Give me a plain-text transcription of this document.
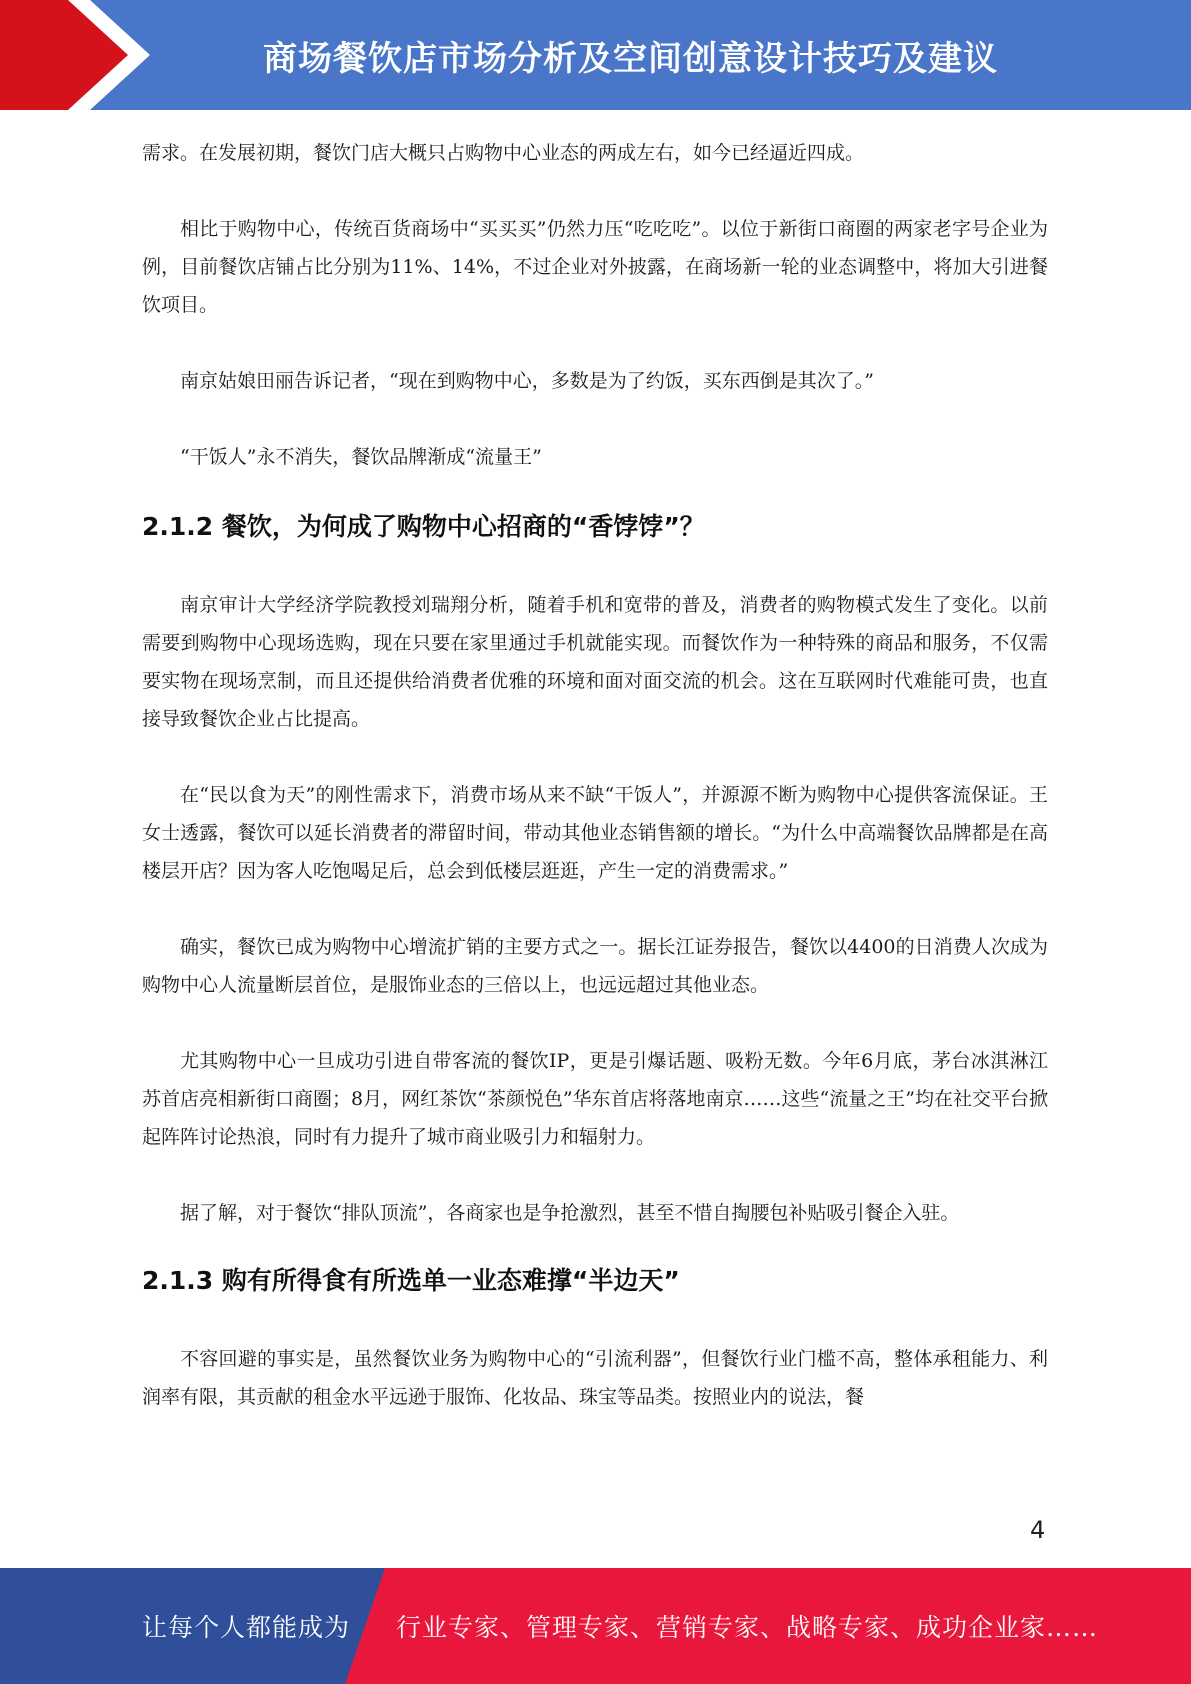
商场餐饮店市场分析及空间创意设计技巧及建议

需求。在发展初期，餐饮门店大概只占购物中心业态的两成左右，如今已经逼近四成。

相比于购物中心，传统百货商场中“买买买”仍然力压“吃吃吃”。以位于新街口商圈的两家老字号企业为例，目前餐饮店铺占比分别为11%、14%，不过企业对外披露，在商场新一轮的业态调整中，将加大引进餐饮项目。

南京姑娘田丽告诉记者，“现在到购物中心，多数是为了约饭，买东西倒是其次了。”

“干饭人”永不消失，餐饮品牌渐成“流量王”

2.1.2 餐饮，为何成了购物中心招商的“香饽饽”？

南京审计大学经济学院教授刘瑞翔分析，随着手机和宽带的普及，消费者的购物模式发生了变化。以前需要到购物中心现场选购，现在只要在家里通过手机就能实现。而餐饮作为一种特殊的商品和服务，不仅需要实物在现场烹制，而且还提供给消费者优雅的环境和面对面交流的机会。这在互联网时代难能可贵，也直接导致餐饮企业占比提高。

在“民以食为天”的刚性需求下，消费市场从来不缺“干饭人”，并源源不断为购物中心提供客流保证。王女士透露，餐饮可以延长消费者的滞留时间，带动其他业态销售额的增长。“为什么中高端餐饮品牌都是在高楼层开店？因为客人吃饱喝足后，总会到低楼层逛逛，产生一定的消费需求。”

确实，餐饮已成为购物中心增流扩销的主要方式之一。据长江证券报告，餐饮以4400的日消费人次成为购物中心人流量断层首位，是服饰业态的三倍以上，也远远超过其他业态。

尤其购物中心一旦成功引进自带客流的餐饮IP，更是引爆话题、吸粉无数。今年6月底，茅台冰淇淋江苏首店亮相新街口商圈；8月，网红茶饮“茶颜悦色”华东首店将落地南京……这些“流量之王”均在社交平台掀起阵阵讨论热浪，同时有力提升了城市商业吸引力和辐射力。

据了解，对于餐饮“排队顶流”，各商家也是争抢激烈，甚至不惜自掏腰包补贴吸引餐企入驻。

2.1.3 购有所得食有所选单一业态难撑“半边天”

不容回避的事实是，虽然餐饮业务为购物中心的“引流利器”，但餐饮行业门槛不高，整体承租能力、利润率有限，其贡献的租金水平远逊于服饰、化妆品、珠宝等品类。按照业内的说法，餐

4
让每个人都能成为 行业专家、管理专家、营销专家、战略专家、成功企业家……
